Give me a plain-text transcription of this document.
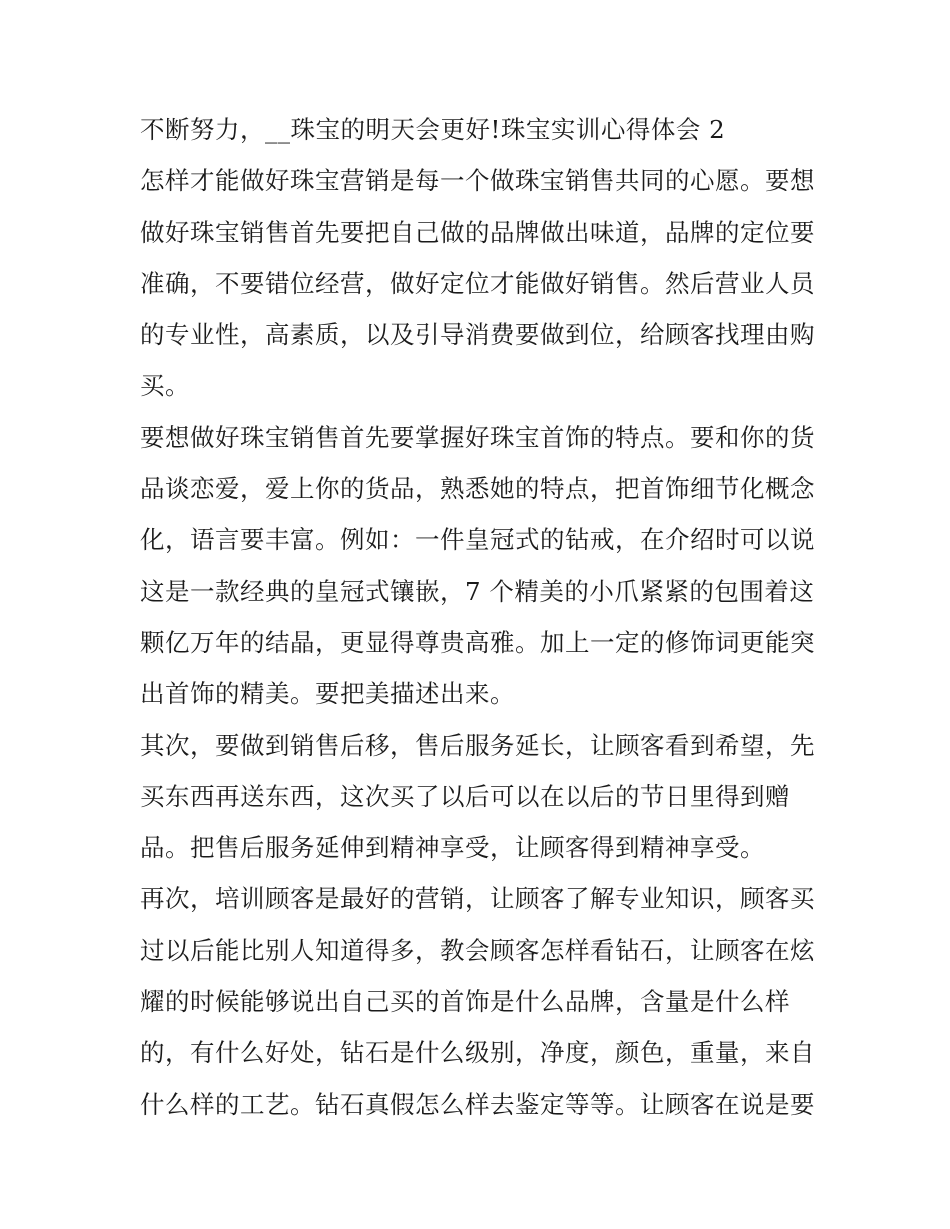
不断努力，__珠宝的明天会更好!珠宝实训心得体会 2
怎样才能做好珠宝营销是每一个做珠宝销售共同的心愿。要想
做好珠宝销售首先要把自己做的品牌做出味道，品牌的定位要
准确，不要错位经营，做好定位才能做好销售。然后营业人员
的专业性，高素质，以及引导消费要做到位，给顾客找理由购
买。
要想做好珠宝销售首先要掌握好珠宝首饰的特点。要和你的货
品谈恋爱，爱上你的货品，熟悉她的特点，把首饰细节化概念
化，语言要丰富。例如：一件皇冠式的钻戒，在介绍时可以说
这是一款经典的皇冠式镶嵌，7 个精美的小爪紧紧的包围着这
颗亿万年的结晶，更显得尊贵高雅。加上一定的修饰词更能突
出首饰的精美。要把美描述出来。
其次，要做到销售后移，售后服务延长，让顾客看到希望，先
买东西再送东西，这次买了以后可以在以后的节日里得到赠
品。把售后服务延伸到精神享受，让顾客得到精神享受。
再次，培训顾客是最好的营销，让顾客了解专业知识，顾客买
过以后能比别人知道得多，教会顾客怎样看钻石，让顾客在炫
耀的时候能够说出自己买的首饰是什么品牌，含量是什么样
的，有什么好处，钻石是什么级别，净度，颜色，重量，来自
什么样的工艺。钻石真假怎么样去鉴定等等。让顾客在说是要
